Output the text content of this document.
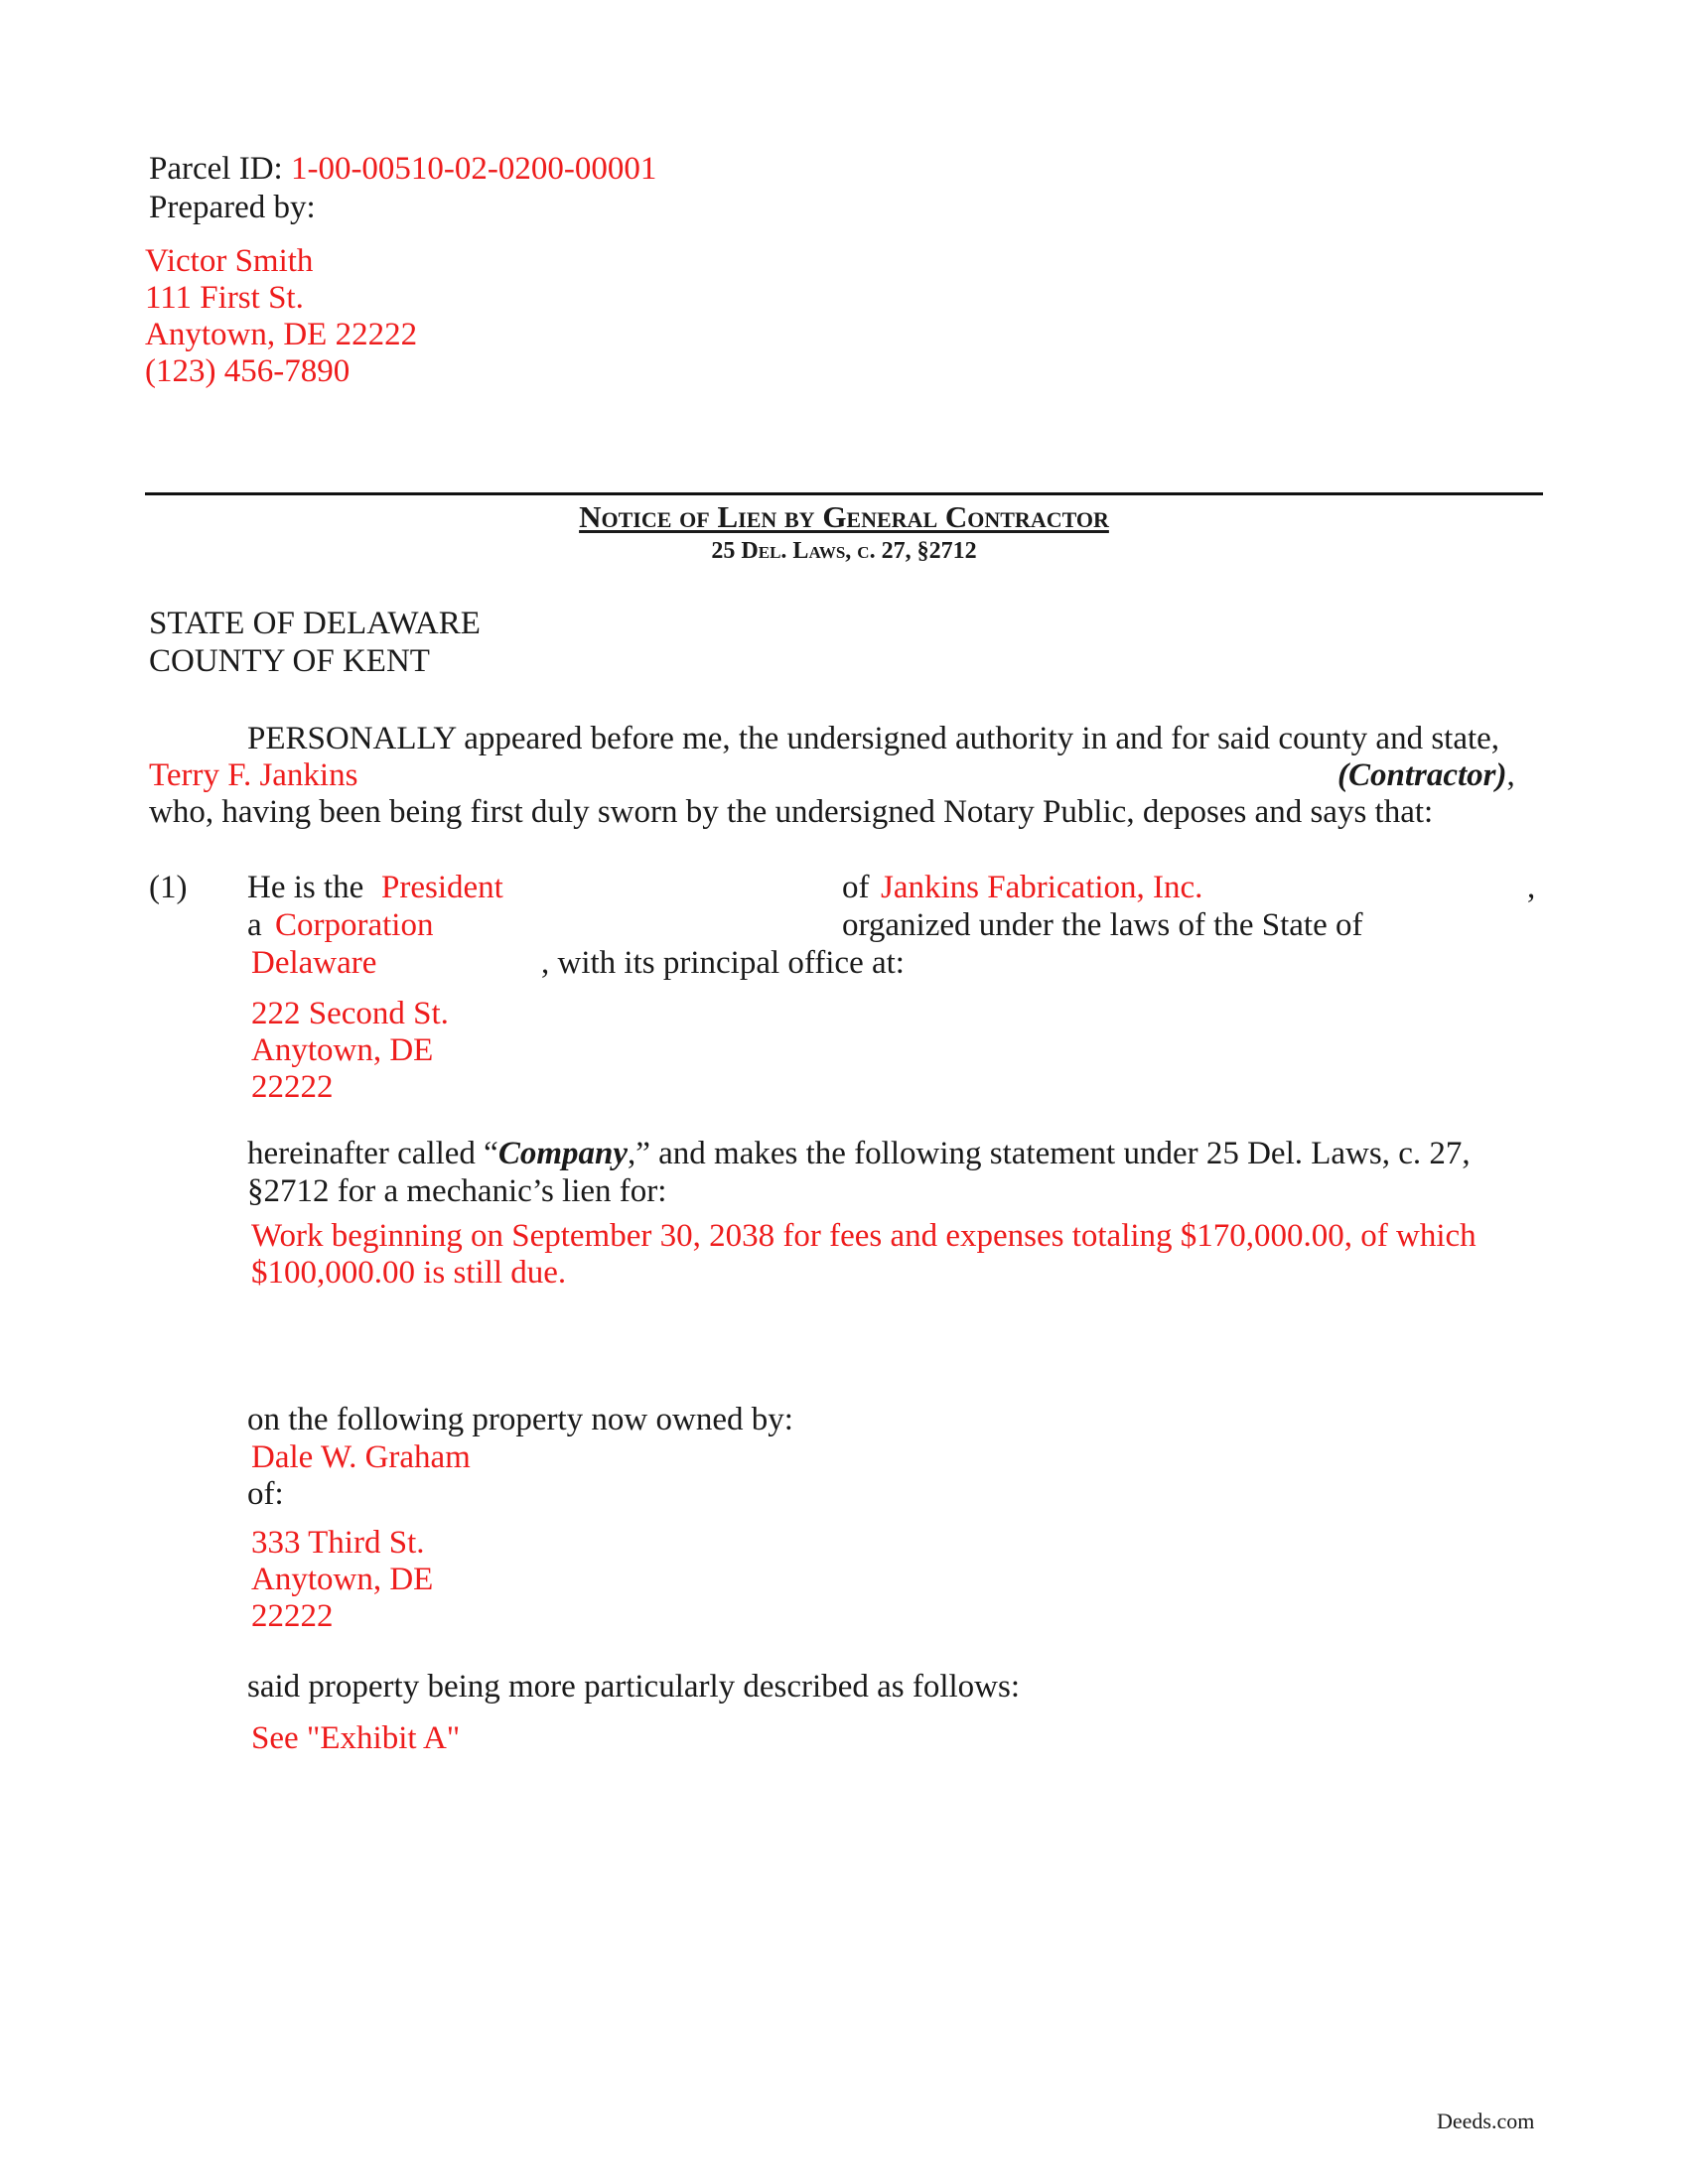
Parcel ID: 1-00-00510-02-0200-00001
Prepared by:
Victor Smith
111 First St.
Anytown, DE 22222
(123) 456-7890
Notice of Lien by General Contractor
25 Del. Laws, c. 27, §2712
STATE OF DELAWARE
COUNTY OF KENT
PERSONALLY appeared before me, the undersigned authority in and for said county and state,
Terry F. Jankins	(Contractor),
who, having been being first duly sworn by the undersigned Notary Public, deposes and says that:
(1) He is the President	of Jankins Fabrication, Inc.	,
a Corporation	organized under the laws of the State of
Delaware	, with its principal office at:
222 Second St.
Anytown, DE
22222
hereinafter called “Company,” and makes the following statement under 25 Del. Laws, c. 27,
§2712 for a mechanic’s lien for:
Work beginning on September 30, 2038 for fees and expenses totaling $170,000.00, of which
$100,000.00 is still due.
on the following property now owned by:
Dale W. Graham
of:
333 Third St.
Anytown, DE
22222
said property being more particularly described as follows:
See "Exhibit A"
Deeds.com
